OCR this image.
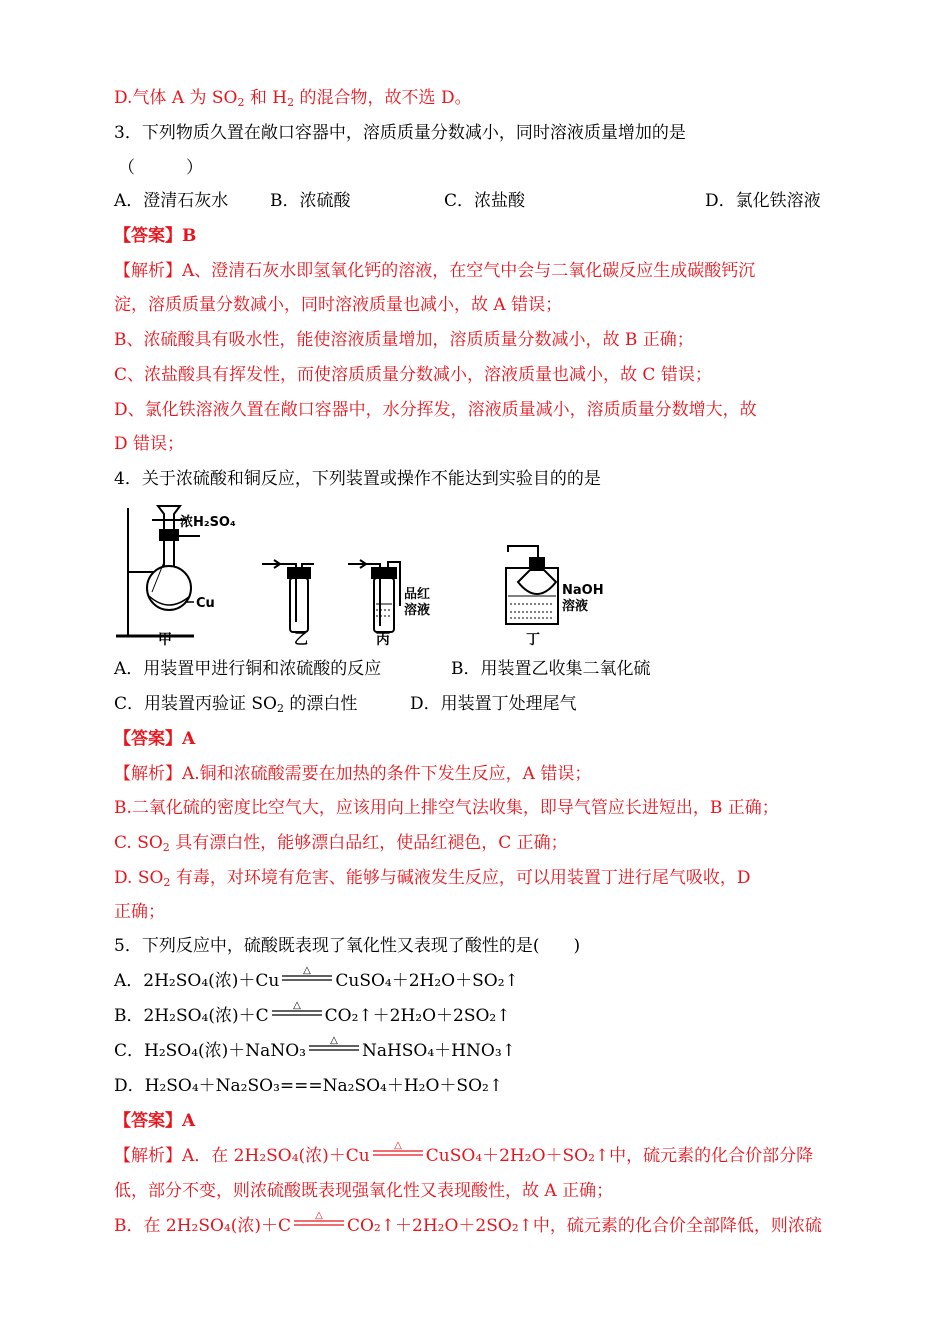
D.气体 A 为 $SO_2$ 和 $H_2$ 的混合物，故不选 D。
3．下列物质久置在敞口容器中，溶质质量分数减小，同时溶液质量增加的是
（　　　）
A．澄清石灰水 B．浓硫酸	C．浓盐酸	D．氯化铁溶液
【答案】B
【解析】A、澄清石灰水即氢氧化钙的溶液，在空气中会与二氧化碳反应生成碳酸钙沉
淀，溶质质量分数减小，同时溶液质量也减小，故 A 错误；
B、浓硫酸具有吸水性，能使溶液质量增加，溶质质量分数减小，故 B 正确；
C、浓盐酸具有挥发性，而使溶质质量分数减小，溶液质量也减小，故 C 错误；
D、氯化铁溶液久置在敞口容器中，水分挥发，溶液质量减小，溶质质量分数增大，故
D 错误；
4．关于浓硫酸和铜反应，下列装置或操作不能达到实验目的的是
浓H₂SO₄
Cu
甲	乙
品红
溶液
丙
NaOH
溶液
丁
A．用装置甲进行铜和浓硫酸的反应	B．用装置乙收集二氧化硫
C．用装置丙验证 $SO_2$ 的漂白性	D．用装置丁处理尾气
【答案】A
【解析】A.铜和浓硫酸需要在加热的条件下发生反应，A 错误；
B.二氧化硫的密度比空气大，应该用向上排空气法收集，即导气管应长进短出，B 正确；
C. $SO_2$ 具有漂白性，能够漂白品红，使品红褪色，C 正确；
D. $SO_2$ 有毒，对环境有危害、能够与碱液发生反应，可以用装置丁进行尾气吸收，D
正确；
5．下列反应中，硫酸既表现了氧化性又表现了酸性的是(　　)
A．2H₂SO₄(浓)＋Cu
△
CuSO₄＋2H₂O＋SO₂↑
B．2H₂SO₄(浓)＋C
△
CO₂↑＋2H₂O＋2SO₂↑
C．H₂SO₄(浓)＋NaNO₃
△
NaHSO₄＋HNO₃↑
D．H₂SO₄＋Na₂SO₃===Na₂SO₄＋H₂O＋SO₂↑
【答案】A
【解析】A．在 2H₂SO₄(浓)＋Cu
△
CuSO₄＋2H₂O＋SO₂↑中，硫元素的化合价部分降
低，部分不变，则浓硫酸既表现强氧化性又表现酸性，故 A 正确；
B．在 2H₂SO₄(浓)＋C
△
CO₂↑＋2H₂O＋2SO₂↑中，硫元素的化合价全部降低，则浓硫
